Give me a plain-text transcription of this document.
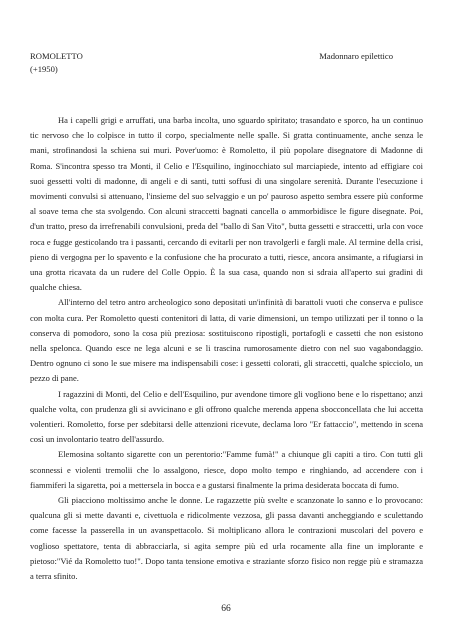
ROMOLETTO
(+1950)
Madonnaro epilettico

Ha i capelli grigi e arruffati, una barba incolta, uno sguardo spiritato; trasandato e sporco, ha un continuo tic nervoso che lo colpisce in tutto il corpo, specialmente nelle spalle. Si gratta continuamente, anche senza le mani, strofinandosi la schiena sui muri. Pover'uomo: è Romoletto, il più popolare disegnatore di Madonne di Roma. S'incontra spesso tra Monti, il Celio e l'Esquilino, inginocchiato sul marciapiede, intento ad effigiare coi suoi gessetti volti di madonne, di angeli e di santi, tutti soffusi di una singolare serenità. Durante l'esecuzione i movimenti convulsi si attenuano, l'insieme del suo selvaggio e un po' pauroso aspetto sembra essere più conforme al soave tema che sta svolgendo. Con alcuni straccetti bagnati cancella o ammorbidisce le figure disegnate. Poi, d'un tratto, preso da irrefrenabili convulsioni, preda del "ballo di San Vito", butta gessetti e straccetti, urla con voce roca e fugge gesticolando tra i passanti, cercando di evitarli per non travolgerli e fargli male. Al termine della crisi, pieno di vergogna per lo spavento e la confusione che ha procurato a tutti, riesce, ancora ansimante, a rifugiarsi in una grotta ricavata da un rudere del Colle Oppio. È la sua casa, quando non si sdraia all'aperto sui gradini di qualche chiesa.

All'interno del tetro antro archeologico sono depositati un'infinità di barattoli vuoti che conserva e pulisce con molta cura. Per Romoletto questi contenitori di latta, di varie dimensioni, un tempo utilizzati per il tonno o la conserva di pomodoro, sono la cosa più preziosa: sostituiscono ripostigli, portafogli e cassetti che non esistono nella spelonca. Quando esce ne lega alcuni e se li trascina rumorosamente dietro con nel suo vagabondaggio. Dentro ognuno ci sono le sue misere ma indispensabili cose: i gessetti colorati, gli straccetti, qualche spicciolo, un pezzo di pane.

I ragazzini di Monti, del Celio e dell'Esquilino, pur avendone timore gli vogliono bene e lo rispettano; anzi qualche volta, con prudenza gli si avvicinano e gli offrono qualche merenda appena sbocconcellata che lui accetta volentieri. Romoletto, forse per sdebitarsi delle attenzioni ricevute, declama loro "Er fattaccio", mettendo in scena così un involontario teatro dell'assurdo.

Elemosina soltanto sigarette con un perentorio:"Famme fumà!" a chiunque gli capiti a tiro. Con tutti gli sconnessi e violenti tremolii che lo assalgono, riesce, dopo molto tempo e ringhiando, ad accendere con i fiammiferi la sigaretta, poi a mettersela in bocca e a gustarsi finalmente la prima desiderata boccata di fumo.

Gli piacciono moltissimo anche le donne. Le ragazzette più svelte e scanzonate lo sanno e lo provocano: qualcuna gli si mette davanti e, civettuola e ridicolmente vezzosa, gli passa davanti ancheggiando e sculettando come facesse la passerella in un avanspettacolo. Si moltiplicano allora le contrazioni muscolari del povero e voglioso spettatore, tenta di abbracciarla, si agita sempre più ed urla rocamente alla fine un implorante e pietoso:"Vié da Romoletto tuo!". Dopo tanta tensione emotiva e straziante sforzo fisico non regge più e stramazza a terra sfinito.

66
